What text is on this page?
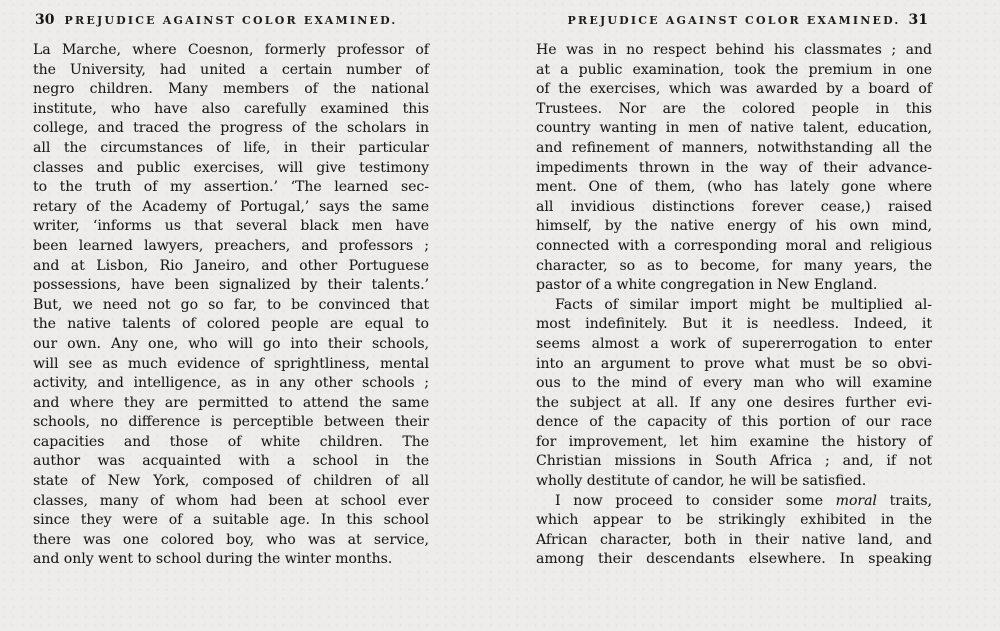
30 PREJUDICE AGAINST COLOR EXAMINED.
La Marche, where Coesnon, formerly professor of
the University, had united a certain number of
negro children. Many members of the national
institute, who have also carefully examined this
college, and traced the progress of the scholars in
all the circumstances of life, in their particular
classes and public exercises, will give testimony
to the truth of my assertion.’ ‘The learned sec-
retary of the Academy of Portugal,’ says the same
writer, ‘informs us that several black men have
been learned lawyers, preachers, and professors ;
and at Lisbon, Rio Janeiro, and other Portuguese
possessions, have been signalized by their talents.’
But, we need not go so far, to be convinced that
the native talents of colored people are equal to
our own. Any one, who will go into their schools,
will see as much evidence of sprightliness, mental
activity, and intelligence, as in any other schools ;
and where they are permitted to attend the same
schools, no difference is perceptible between their
capacities and those of white children. The
author was acquainted with a school in the
state of New York, composed of children of all
classes, many of whom had been at school ever
since they were of a suitable age. In this school
there was one colored boy, who was at service,
and only went to school during the winter months.
PREJUDICE AGAINST COLOR EXAMINED. 31
He was in no respect behind his classmates ; and
at a public examination, took the premium in one
of the exercises, which was awarded by a board of
Trustees. Nor are the colored people in this
country wanting in men of native talent, education,
and refinement of manners, notwithstanding all the
impediments thrown in the way of their advance-
ment. One of them, (who has lately gone where
all invidious distinctions forever cease,) raised
himself, by the native energy of his own mind,
connected with a corresponding moral and religious
character, so as to become, for many years, the
pastor of a white congregation in New England.
Facts of similar import might be multiplied al-
most indefinitely. But it is needless. Indeed, it
seems almost a work of supererrogation to enter
into an argument to prove what must be so obvi-
ous to the mind of every man who will examine
the subject at all. If any one desires further evi-
dence of the capacity of this portion of our race
for improvement, let him examine the history of
Christian missions in South Africa ; and, if not
wholly destitute of candor, he will be satisfied.
I now proceed to consider some moral traits,
which appear to be strikingly exhibited in the
African character, both in their native land, and
among their descendants elsewhere. In speaking
